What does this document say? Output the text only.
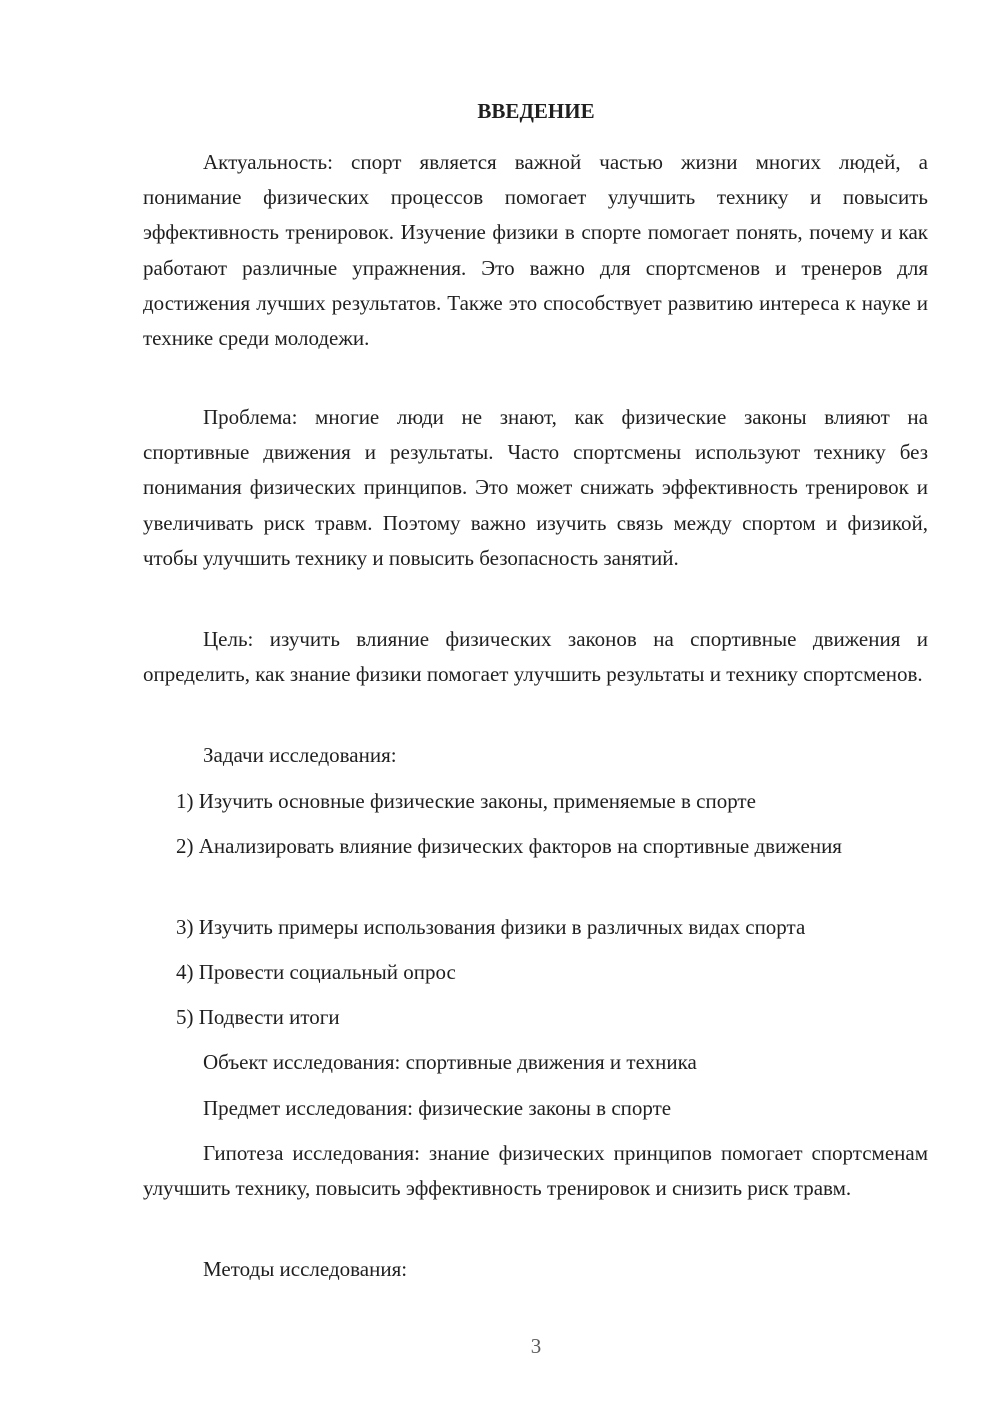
ВВЕДЕНИЕ

Актуальность: спорт является важной частью жизни многих людей, а понимание физических процессов помогает улучшить технику и повысить эффективность тренировок. Изучение физики в спорте помогает понять, почему и как работают различные упражнения. Это важно для спортсменов и тренеров для достижения лучших результатов. Также это способствует развитию интереса к науке и технике среди молодежи.

Проблема: многие люди не знают, как физические законы влияют на спортивные движения и результаты. Часто спортсмены используют технику без понимания физических принципов. Это может снижать эффективность тренировок и увеличивать риск травм. Поэтому важно изучить связь между спортом и физикой, чтобы улучшить технику и повысить безопасность занятий.

Цель: изучить влияние физических законов на спортивные движения и определить, как знание физики помогает улучшить результаты и технику спортсменов.

Задачи исследования:

1) Изучить основные физические законы, применяемые в спорте

2) Анализировать влияние физических факторов на спортивные движения

3) Изучить примеры использования физики в различных видах спорта

4) Провести социальный опрос

5) Подвести итоги

Объект исследования: спортивные движения и техника

Предмет исследования: физические законы в спорте

Гипотеза исследования: знание физических принципов помогает спортсменам улучшить технику, повысить эффективность тренировок и снизить риск травм.

Методы исследования:

3
